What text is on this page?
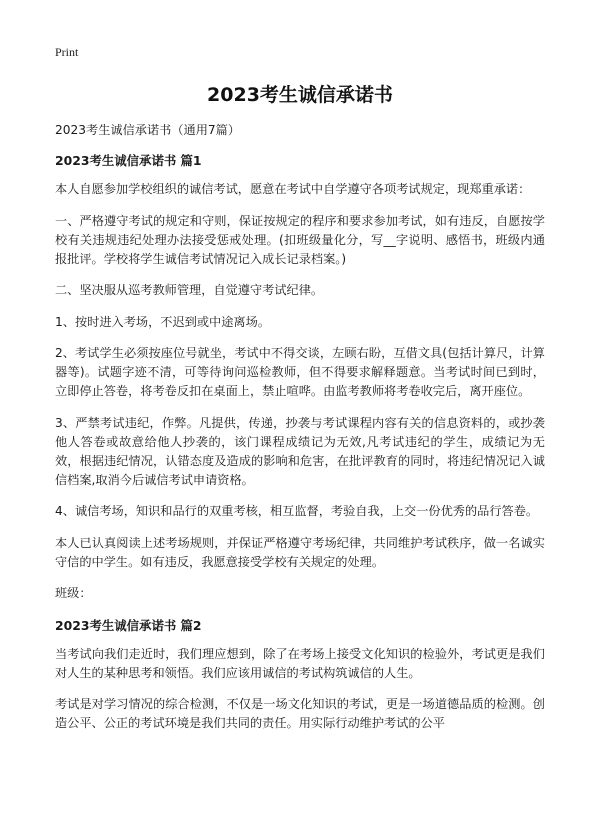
Print
2023考生诚信承诺书

2023考生诚信承诺书（通用7篇）

2023考生诚信承诺书 篇1

本人自愿参加学校组织的诚信考试，愿意在考试中自学遵守各项考试规定，现郑重承诺：

一、严格遵守考试的规定和守则，保证按规定的程序和要求参加考试，如有违反，自愿按学校有关违规违纪处理办法接受惩戒处理。(扣班级量化分，写__字说明、感悟书，班级内通报批评。学校将学生诚信考试情况记入成长记录档案。)

二、坚决服从巡考教师管理，自觉遵守考试纪律。

1、按时进入考场，不迟到或中途离场。

2、考试学生必须按座位号就坐，考试中不得交谈，左顾右盼，互借文具(包括计算尺，计算器等)。试题字迹不清，可等待询问巡检教师，但不得要求解释题意。当考试时间已到时，立即停止答卷，将考卷反扣在桌面上，禁止喧哗。由监考教师将考卷收完后，离开座位。

3、严禁考试违纪，作弊。凡提供，传递，抄袭与考试课程内容有关的信息资料的，或抄袭他人答卷或故意给他人抄袭的，该门课程成绩记为无效,凡考试违纪的学生，成绩记为无效，根据违纪情况，认错态度及造成的影响和危害，在批评教育的同时，将违纪情况记入诚信档案,取消今后诚信考试申请资格。

4、诚信考场，知识和品行的双重考核，相互监督，考验自我，上交一份优秀的品行答卷。

本人已认真阅读上述考场规则，并保证严格遵守考场纪律，共同维护考试秩序，做一名诚实守信的中学生。如有违反，我愿意接受学校有关规定的处理。

班级：

2023考生诚信承诺书 篇2

当考试向我们走近时，我们理应想到，除了在考场上接受文化知识的检验外，考试更是我们对人生的某种思考和领悟。我们应该用诚信的考试构筑诚信的人生。

考试是对学习情况的综合检测，不仅是一场文化知识的考试，更是一场道德品质的检测。创造公平、公正的考试环境是我们共同的责任。用实际行动维护考试的公平
